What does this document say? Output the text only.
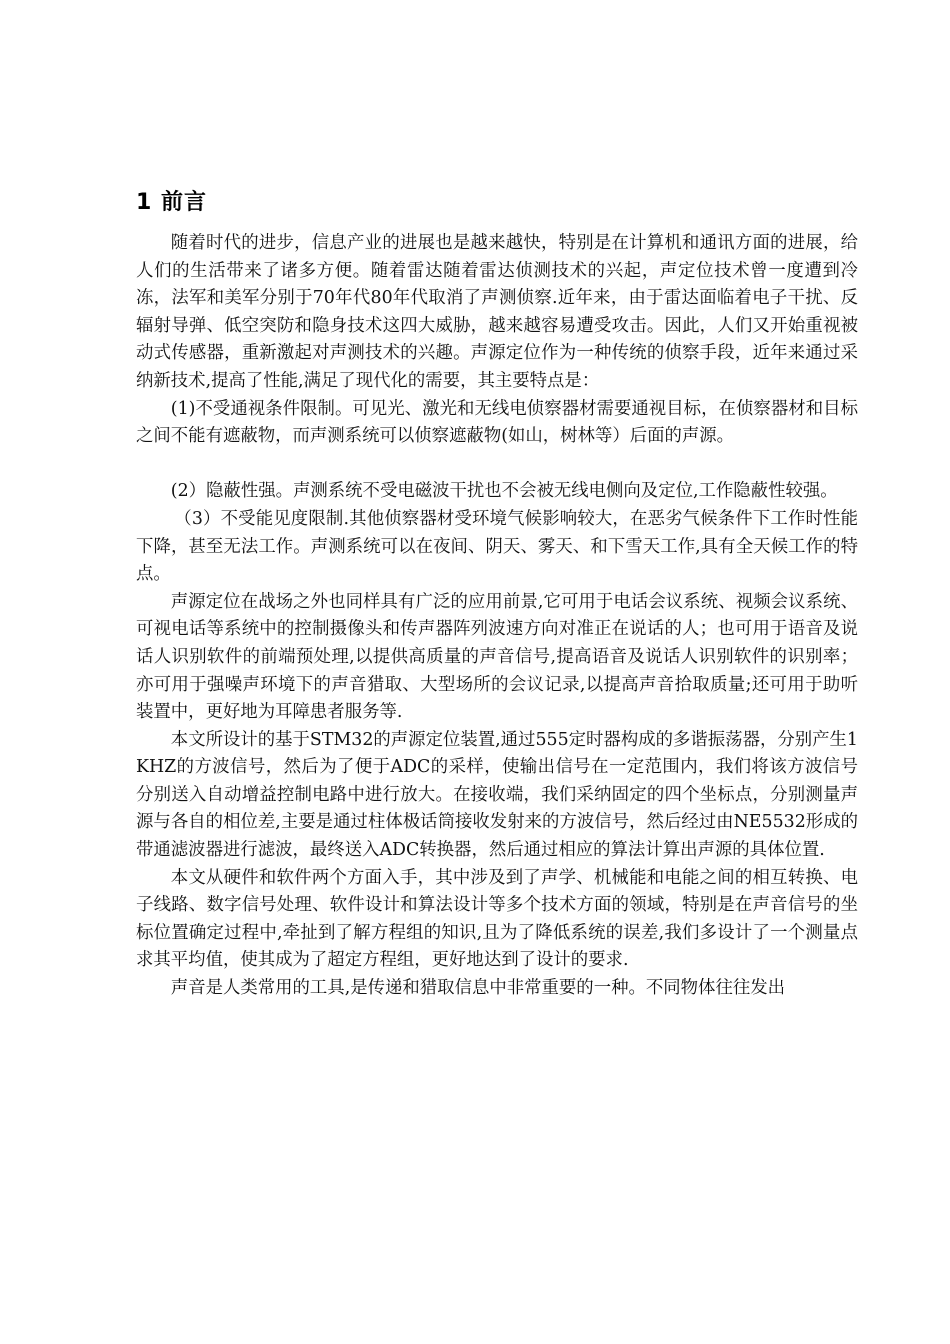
1 前言

随着时代的进步，信息产业的进展也是越来越快，特别是在计算机和通讯方面的进展，给人们的生活带来了诸多方便。随着雷达随着雷达侦测技术的兴起，声定位技术曾一度遭到冷冻，法军和美军分别于70年代80年代取消了声测侦察.近年来，由于雷达面临着电子干扰、反辐射导弹、低空突防和隐身技术这四大威胁，越来越容易遭受攻击。因此，人们又开始重视被动式传感器，重新激起对声测技术的兴趣。声源定位作为一种传统的侦察手段，近年来通过采纳新技术,提高了性能,满足了现代化的需要，其主要特点是：

(1)不受通视条件限制。可见光、激光和无线电侦察器材需要通视目标，在侦察器材和目标之间不能有遮蔽物，而声测系统可以侦察遮蔽物(如山，树林等）后面的声源。

(2）隐蔽性强。声测系统不受电磁波干扰也不会被无线电侧向及定位,工作隐蔽性较强。

（3）不受能见度限制.其他侦察器材受环境气候影响较大，在恶劣气候条件下工作时性能下降，甚至无法工作。声测系统可以在夜间、阴天、雾天、和下雪天工作,具有全天候工作的特点。

声源定位在战场之外也同样具有广泛的应用前景,它可用于电话会议系统、视频会议系统、可视电话等系统中的控制摄像头和传声器阵列波速方向对准正在说话的人；也可用于语音及说话人识别软件的前端预处理,以提供高质量的声音信号,提高语音及说话人识别软件的识别率；亦可用于强噪声环境下的声音猎取、大型场所的会议记录,以提高声音拾取质量;还可用于助听装置中，更好地为耳障患者服务等.

本文所设计的基于STM32的声源定位装置,通过555定时器构成的多谐振荡器，分别产生1KHZ的方波信号，然后为了便于ADC的采样，使输出信号在一定范围内，我们将该方波信号分别送入自动增益控制电路中进行放大。在接收端，我们采纳固定的四个坐标点，分别测量声源与各自的相位差,主要是通过柱体极话筒接收发射来的方波信号，然后经过由NE5532形成的带通滤波器进行滤波，最终送入ADC转换器，然后通过相应的算法计算出声源的具体位置.

本文从硬件和软件两个方面入手，其中涉及到了声学、机械能和电能之间的相互转换、电子线路、数字信号处理、软件设计和算法设计等多个技术方面的领域，特别是在声音信号的坐标位置确定过程中,牵扯到了解方程组的知识,且为了降低系统的误差,我们多设计了一个测量点求其平均值，使其成为了超定方程组，更好地达到了设计的要求.

声音是人类常用的工具,是传递和猎取信息中非常重要的一种。不同物体往往发出
